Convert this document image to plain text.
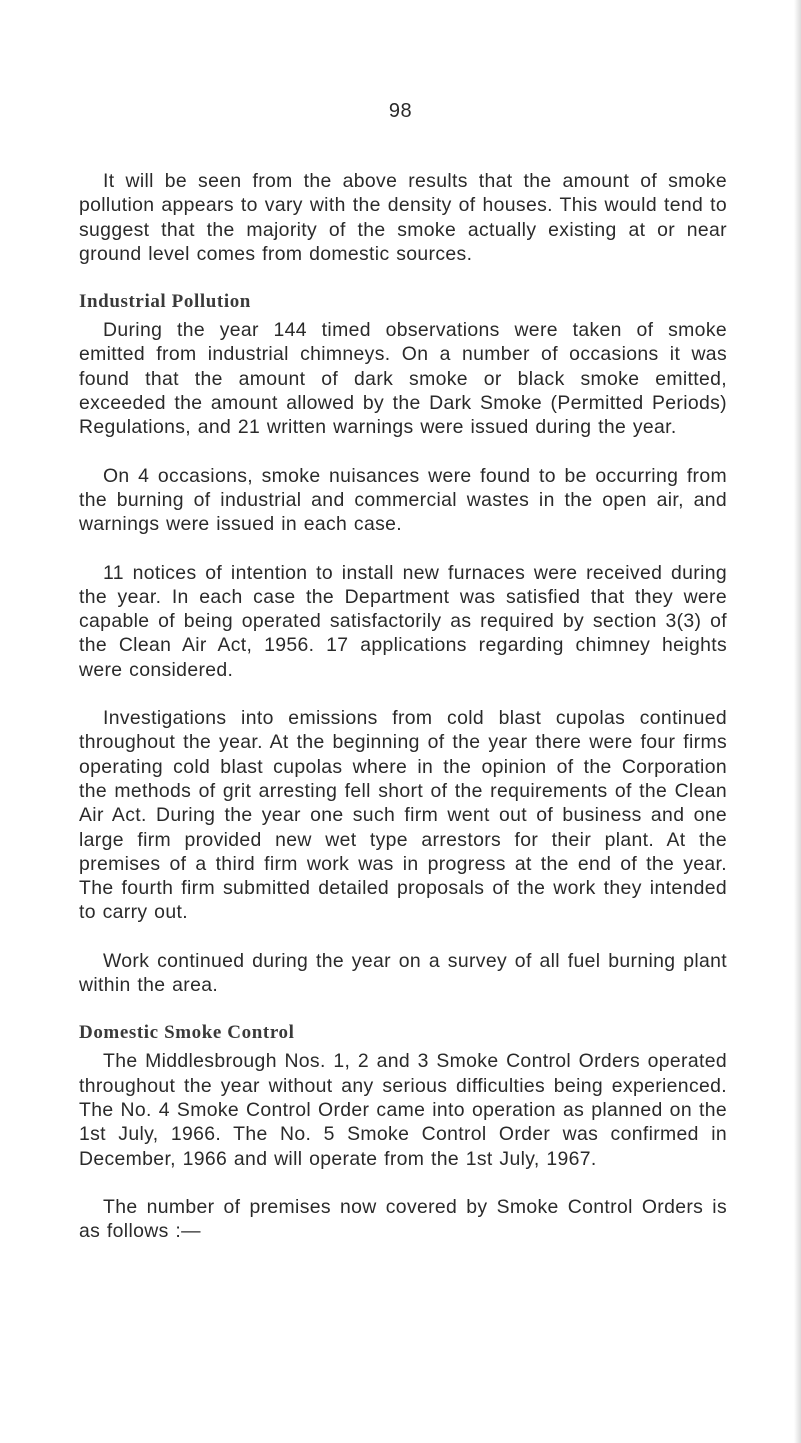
98

It will be seen from the above results that the amount of smoke pollution appears to vary with the density of houses. This would tend to suggest that the majority of the smoke actually existing at or near ground level comes from domestic sources.

Industrial Pollution

During the year 144 timed observations were taken of smoke emitted from industrial chimneys. On a number of occasions it was found that the amount of dark smoke or black smoke emitted, exceeded the amount allowed by the Dark Smoke (Permitted Periods) Regulations, and 21 written warnings were issued during the year.

On 4 occasions, smoke nuisances were found to be occurring from the burning of industrial and commercial wastes in the open air, and warnings were issued in each case.

11 notices of intention to install new furnaces were received during the year. In each case the Department was satisfied that they were capable of being operated satisfactorily as required by section 3(3) of the Clean Air Act, 1956. 17 applications regarding chimney heights were considered.

Investigations into emissions from cold blast cupolas continued throughout the year. At the beginning of the year there were four firms operating cold blast cupolas where in the opinion of the Corporation the methods of grit arresting fell short of the requirements of the Clean Air Act. During the year one such firm went out of business and one large firm provided new wet type arrestors for their plant. At the premises of a third firm work was in progress at the end of the year. The fourth firm submitted detailed proposals of the work they intended to carry out.

Work continued during the year on a survey of all fuel burning plant within the area.

Domestic Smoke Control

The Middlesbrough Nos. 1, 2 and 3 Smoke Control Orders operated throughout the year without any serious difficulties being experienced. The No. 4 Smoke Control Order came into operation as planned on the 1st July, 1966. The No. 5 Smoke Control Order was confirmed in December, 1966 and will operate from the 1st July, 1967.

The number of premises now covered by Smoke Control Orders is as follows :—
